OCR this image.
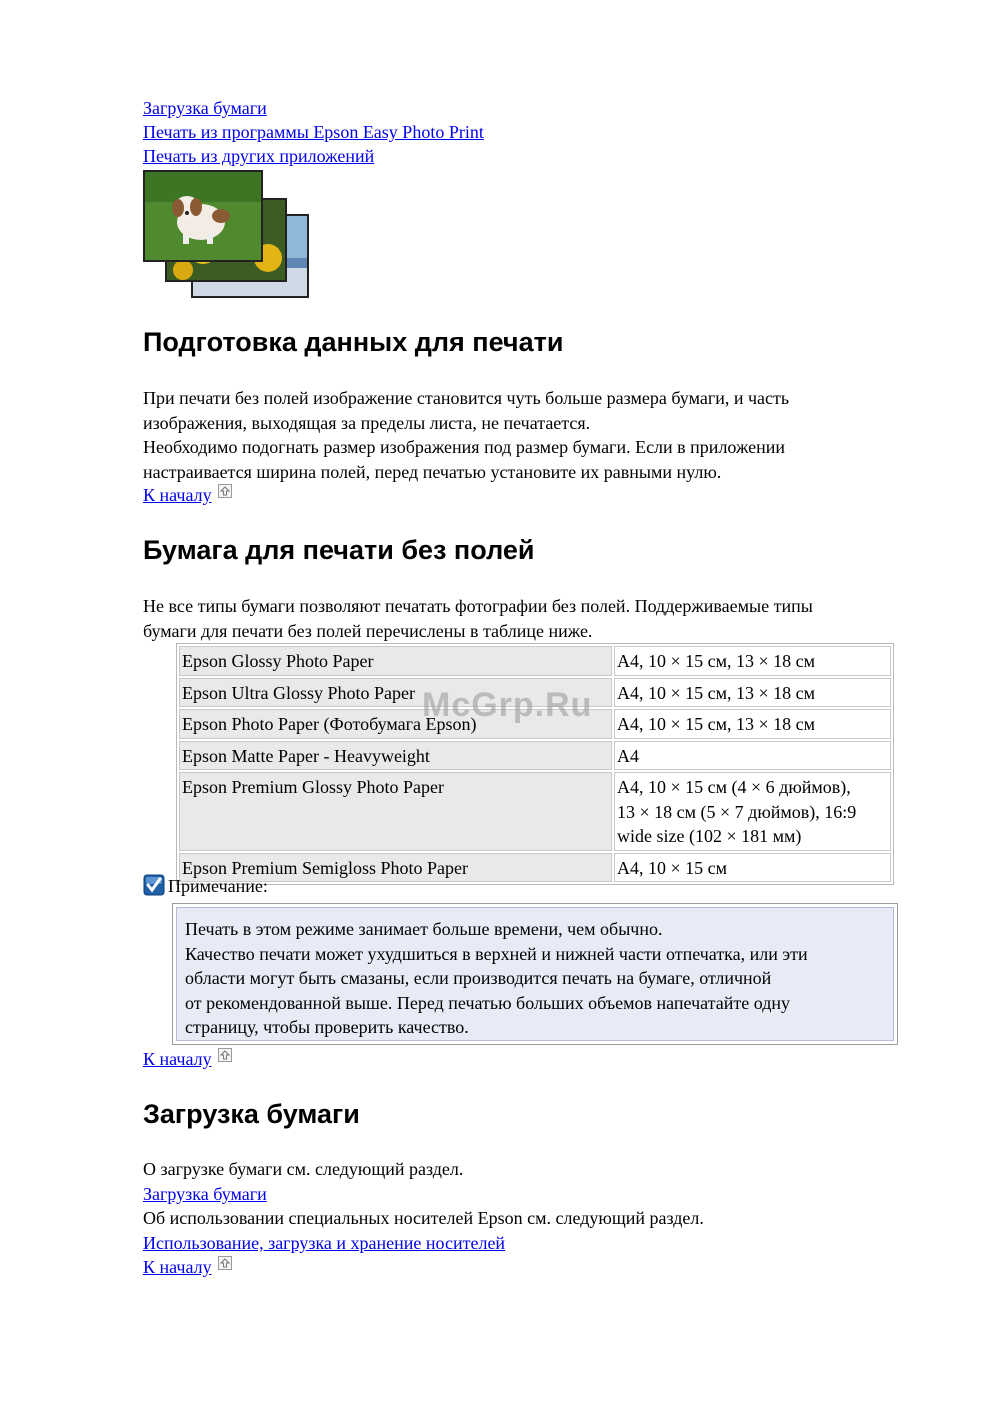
Загрузка бумаги
Печать из программы Epson Easy Photo Print
Печать из других приложений
Подготовка данных для печати
При печати без полей изображение становится чуть больше размера бумаги, и часть
изображения, выходящая за пределы листа, не печатается.
Необходимо подогнать размер изображения под размер бумаги. Если в приложении
настраивается ширина полей, перед печатью установите их равными нулю.
К началу
Бумага для печати без полей
Не все типы бумаги позволяют печатать фотографии без полей. Поддерживаемые типы
бумаги для печати без полей перечислены в таблице ниже.
Epson Glossy Photo Paper	A4, 10 × 15 см, 13 × 18 см
Epson Ultra Glossy Photo Paper	A4, 10 × 15 см, 13 × 18 см
Epson Photo Paper (Фотобумага Epson)	A4, 10 × 15 см, 13 × 18 см
Epson Matte Paper - Heavyweight	A4
Epson Premium Glossy Photo Paper	A4, 10 × 15 см (4 × 6 дюймов),
13 × 18 см (5 × 7 дюймов), 16:9
wide size (102 × 181 мм)

Epson Premium Semigloss Photo Paper	A4, 10 × 15 см
Примечание:
Печать в этом режиме занимает больше времени, чем обычно.
Качество печати может ухудшиться в верхней и нижней части отпечатка, или эти
области могут быть смазаны, если производится печать на бумаге, отличной
от рекомендованной выше. Перед печатью больших объемов напечатайте одну
страницу, чтобы проверить качество.
К началу
Загрузка бумаги
О загрузке бумаги см. следующий раздел.
Загрузка бумаги
Об использовании специальных носителей Epson см. следующий раздел.
Использование, загрузка и хранение носителей
К началу
McGrp.Ru
